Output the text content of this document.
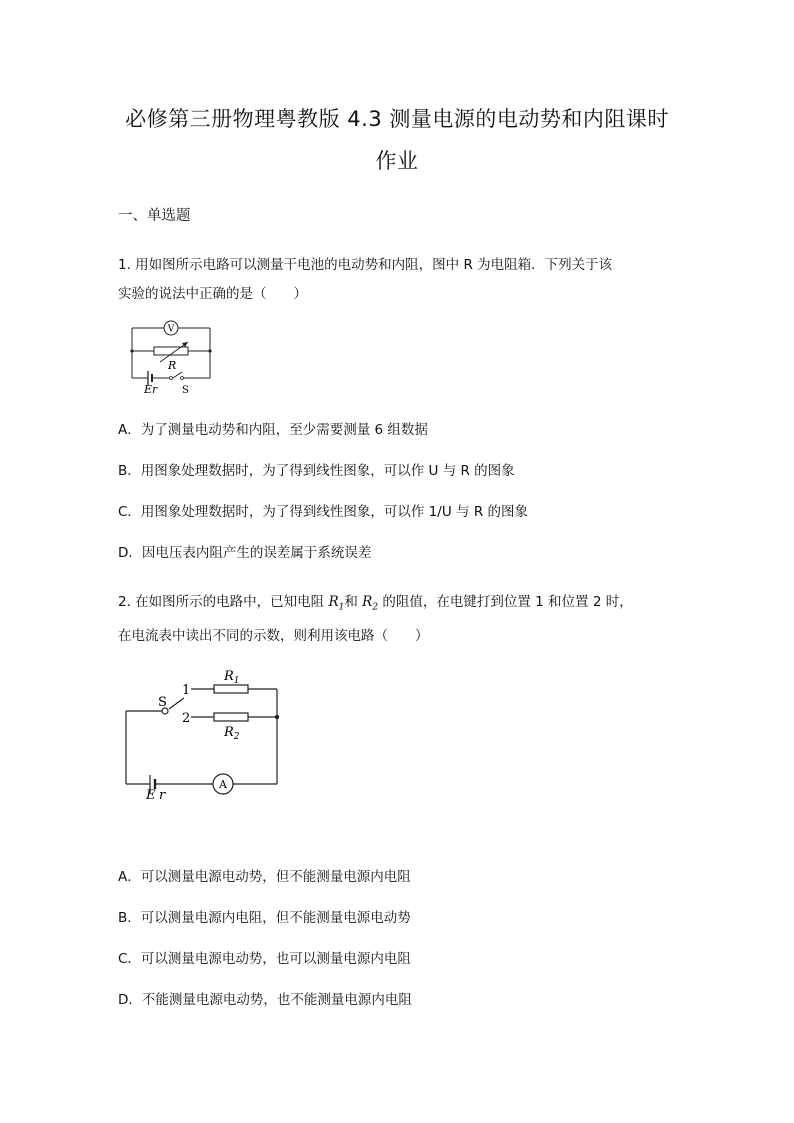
必修第三册物理粤教版 4.3 测量电源的电动势和内阻课时
作业
一、单选题
1. 用如图所示电路可以测量干电池的电动势和内阻，图中 R 为电阻箱．下列关于该
实验的说法中正确的是（　　）
V
R
Er S
A．为了测量电动势和内阻，至少需要测量 6 组数据
B．用图象处理数据时，为了得到线性图象，可以作 U 与 R 的图象
C．用图象处理数据时，为了得到线性图象，可以作 1/U 与 R 的图象
D．因电压表内阻产生的误差属于系统误差
2. 在如图所示的电路中，已知电阻 $R_1$和 $R_2$ 的阻值，在电键打到位置 1 和位置 2 时，
在电流表中读出不同的示数，则利用该电路（　　）
A
S
1
2
$R_1$
$R_2$
E r
A．可以测量电源电动势，但不能测量电源内电阻
B．可以测量电源内电阻，但不能测量电源电动势
C．可以测量电源电动势，也可以测量电源内电阻
D．不能测量电源电动势，也不能测量电源内电阻
